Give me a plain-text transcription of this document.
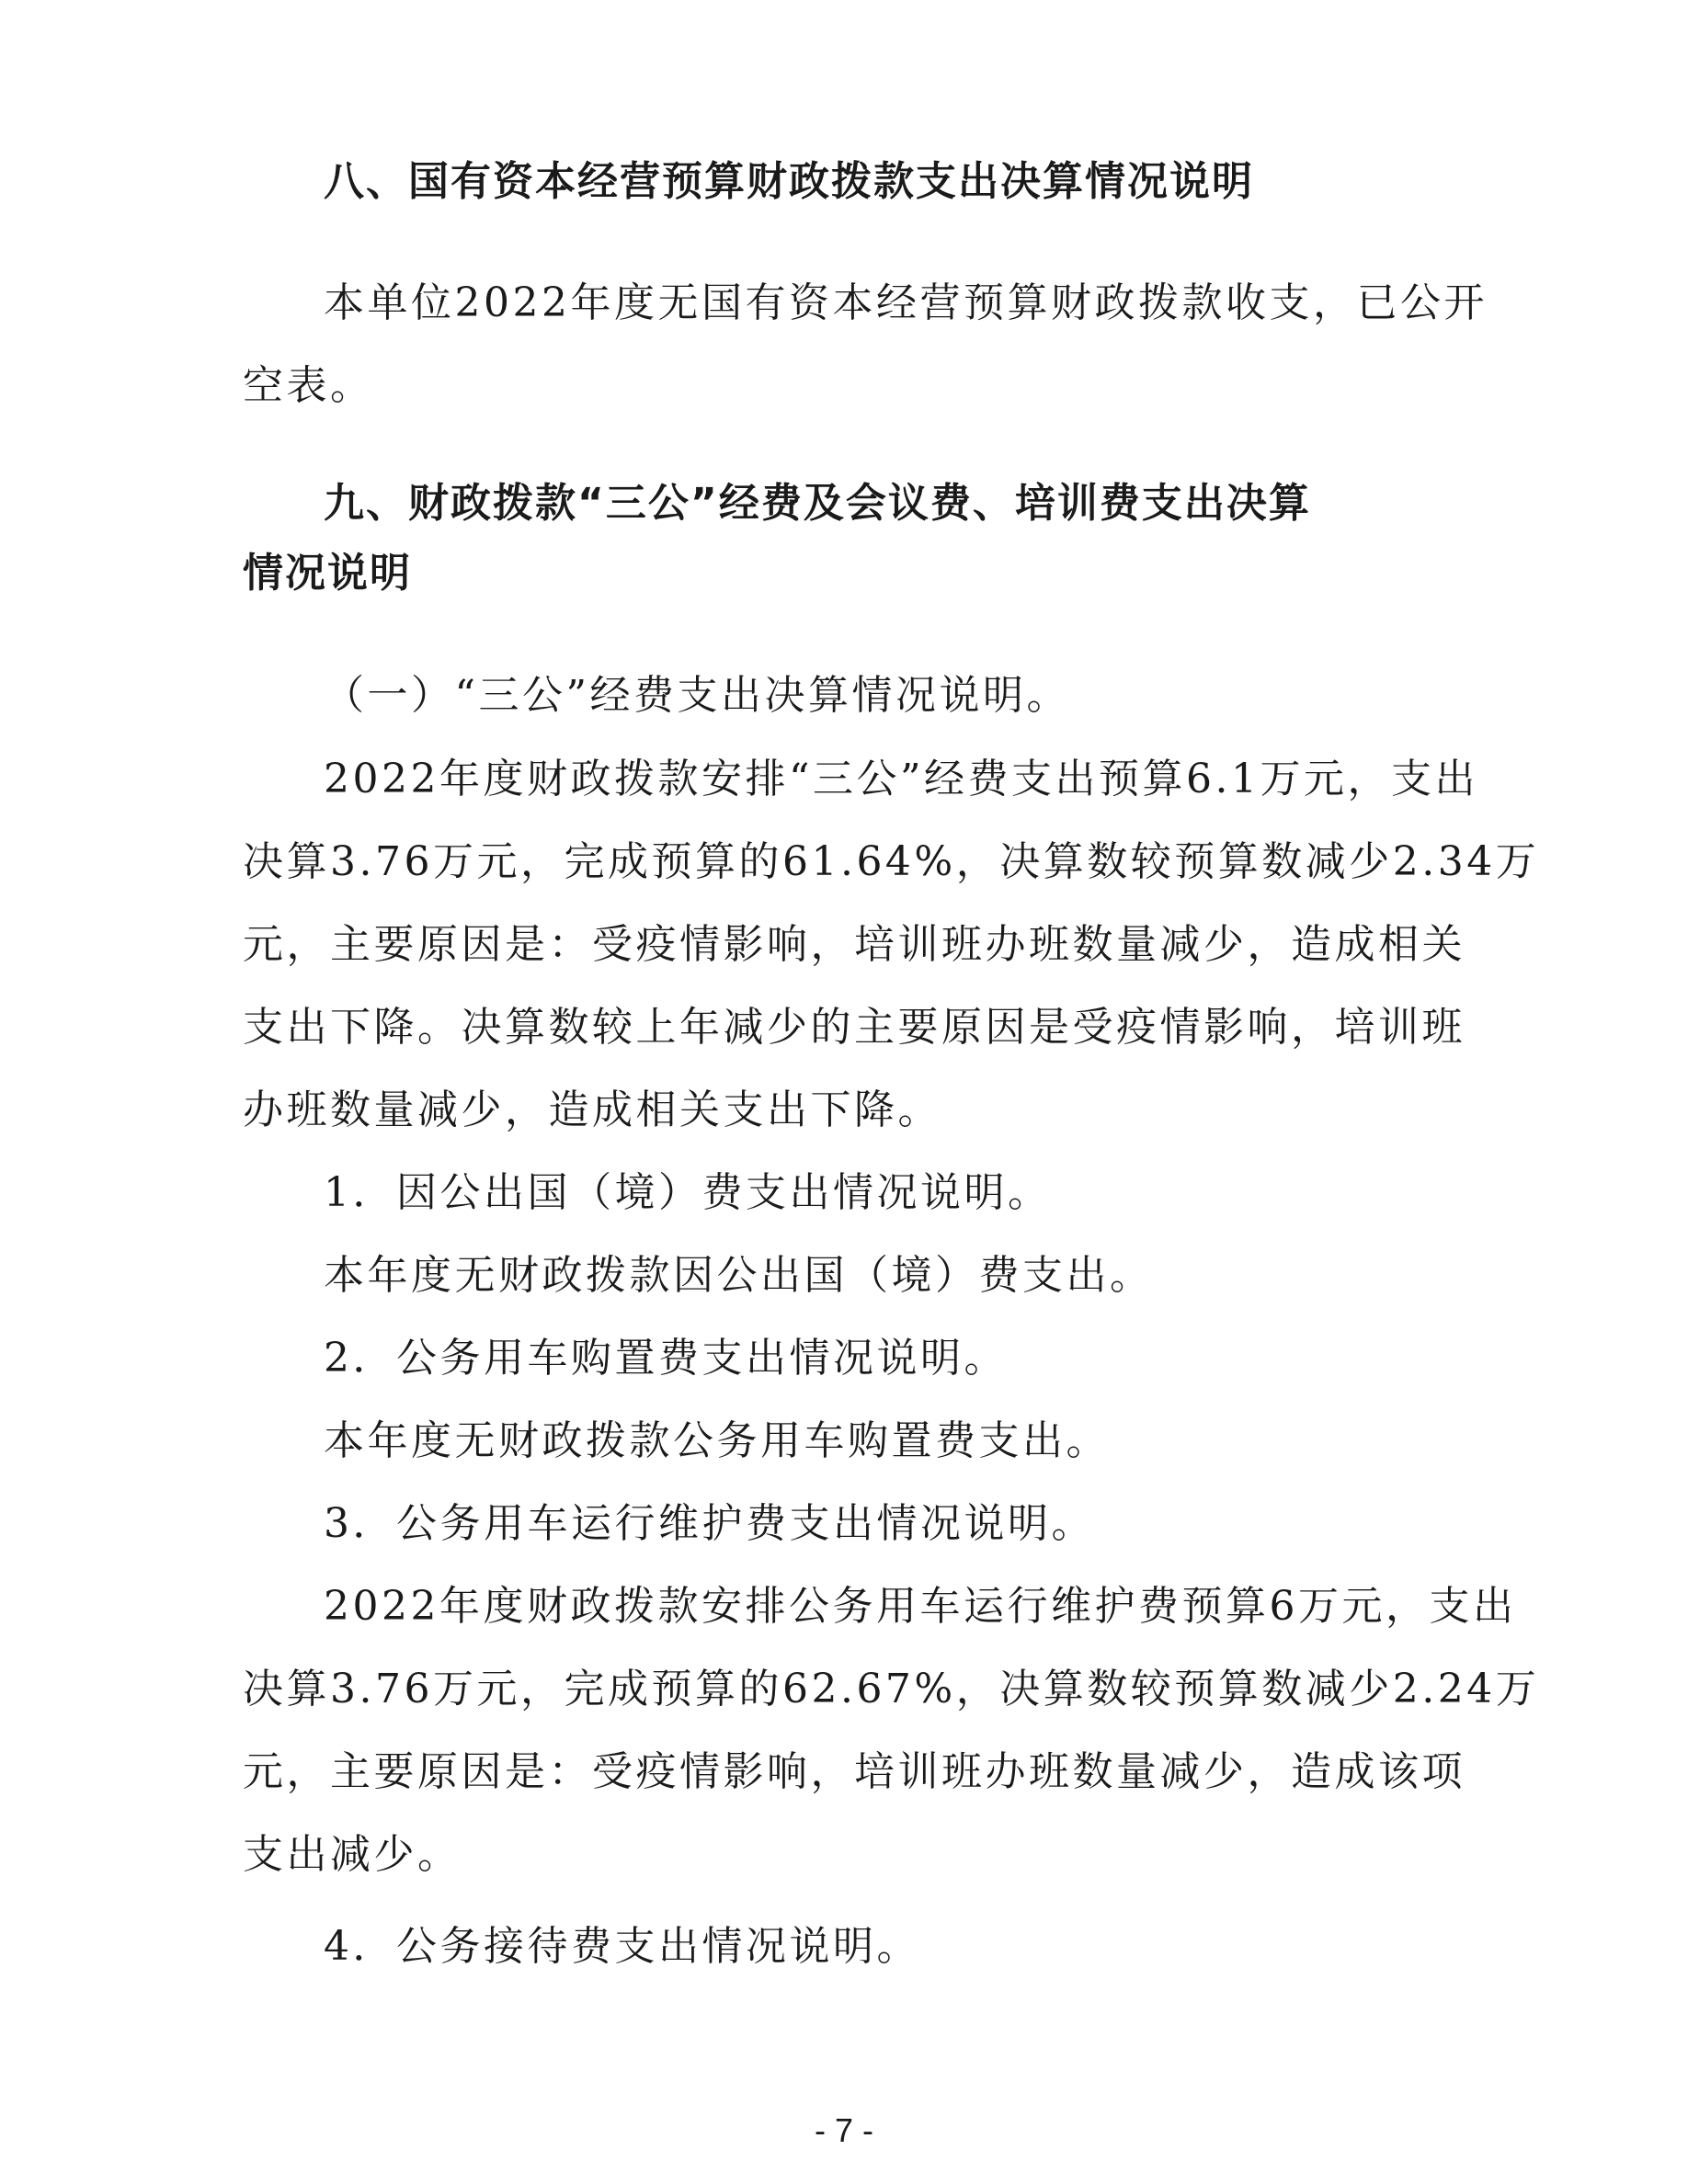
八、国有资本经营预算财政拨款支出决算情况说明
本单位2022年度无国有资本经营预算财政拨款收支，已公开
空表。
九、财政拨款“三公”经费及会议费、培训费支出决算
情况说明
（一）“三公”经费支出决算情况说明。
2022年度财政拨款安排“三公”经费支出预算6.1万元，支出
决算3.76万元，完成预算的61.64%，决算数较预算数减少2.34万
元，主要原因是：受疫情影响，培训班办班数量减少，造成相关
支出下降。决算数较上年减少的主要原因是受疫情影响，培训班
办班数量减少，造成相关支出下降。
1．因公出国（境）费支出情况说明。
本年度无财政拨款因公出国（境）费支出。
2．公务用车购置费支出情况说明。
本年度无财政拨款公务用车购置费支出。
3．公务用车运行维护费支出情况说明。
2022年度财政拨款安排公务用车运行维护费预算6万元，支出
决算3.76万元，完成预算的62.67%，决算数较预算数减少2.24万
元，主要原因是：受疫情影响，培训班办班数量减少，造成该项
支出减少。
4．公务接待费支出情况说明。
- 7 -
